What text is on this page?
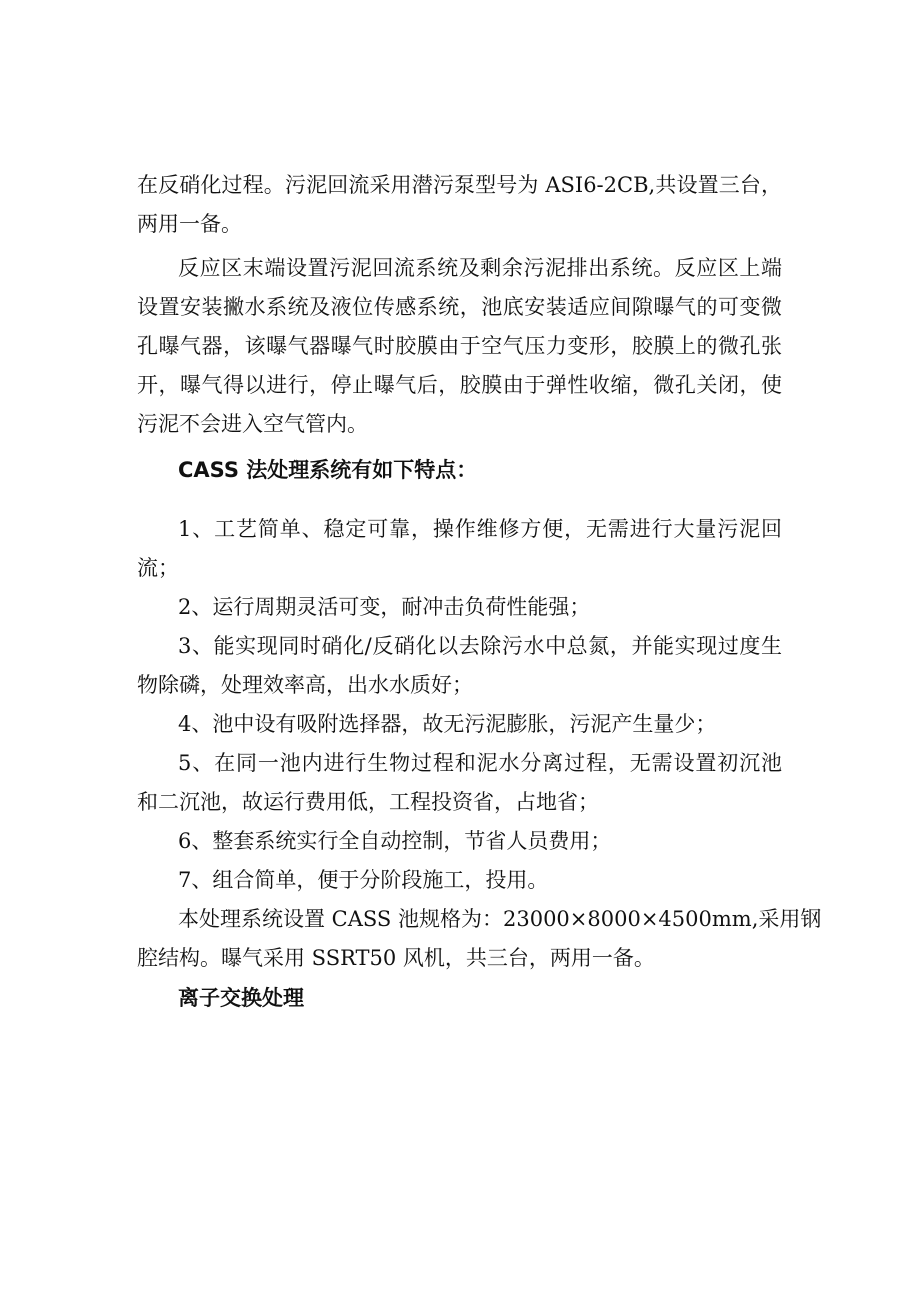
在反硝化过程。污泥回流采用潜污泵型号为 ASI6-2CB,共设置三台，
两用一备。
反应区末端设置污泥回流系统及剩余污泥排出系统。反应区上端
设置安装撇水系统及液位传感系统，池底安装适应间隙曝气的可变微
孔曝气器，该曝气器曝气时胶膜由于空气压力变形，胶膜上的微孔张
开，曝气得以进行，停止曝气后，胶膜由于弹性收缩，微孔关闭，使
污泥不会进入空气管内。
CASS 法处理系统有如下特点：
1、工艺简单、稳定可靠，操作维修方便，无需进行大量污泥回
流；
2、运行周期灵活可变，耐冲击负荷性能强；
3、能实现同时硝化/反硝化以去除污水中总氮，并能实现过度生
物除磷，处理效率高，出水水质好；
4、池中设有吸附选择器，故无污泥膨胀，污泥产生量少；
5、在同一池内进行生物过程和泥水分离过程，无需设置初沉池
和二沉池，故运行费用低，工程投资省，占地省；
6、整套系统实行全自动控制，节省人员费用；
7、组合简单，便于分阶段施工，投用。
本处理系统设置 CASS 池规格为：23000×8000×4500mm,采用钢
腔结构。曝气采用 SSRT50 风机，共三台，两用一备。
离子交换处理
